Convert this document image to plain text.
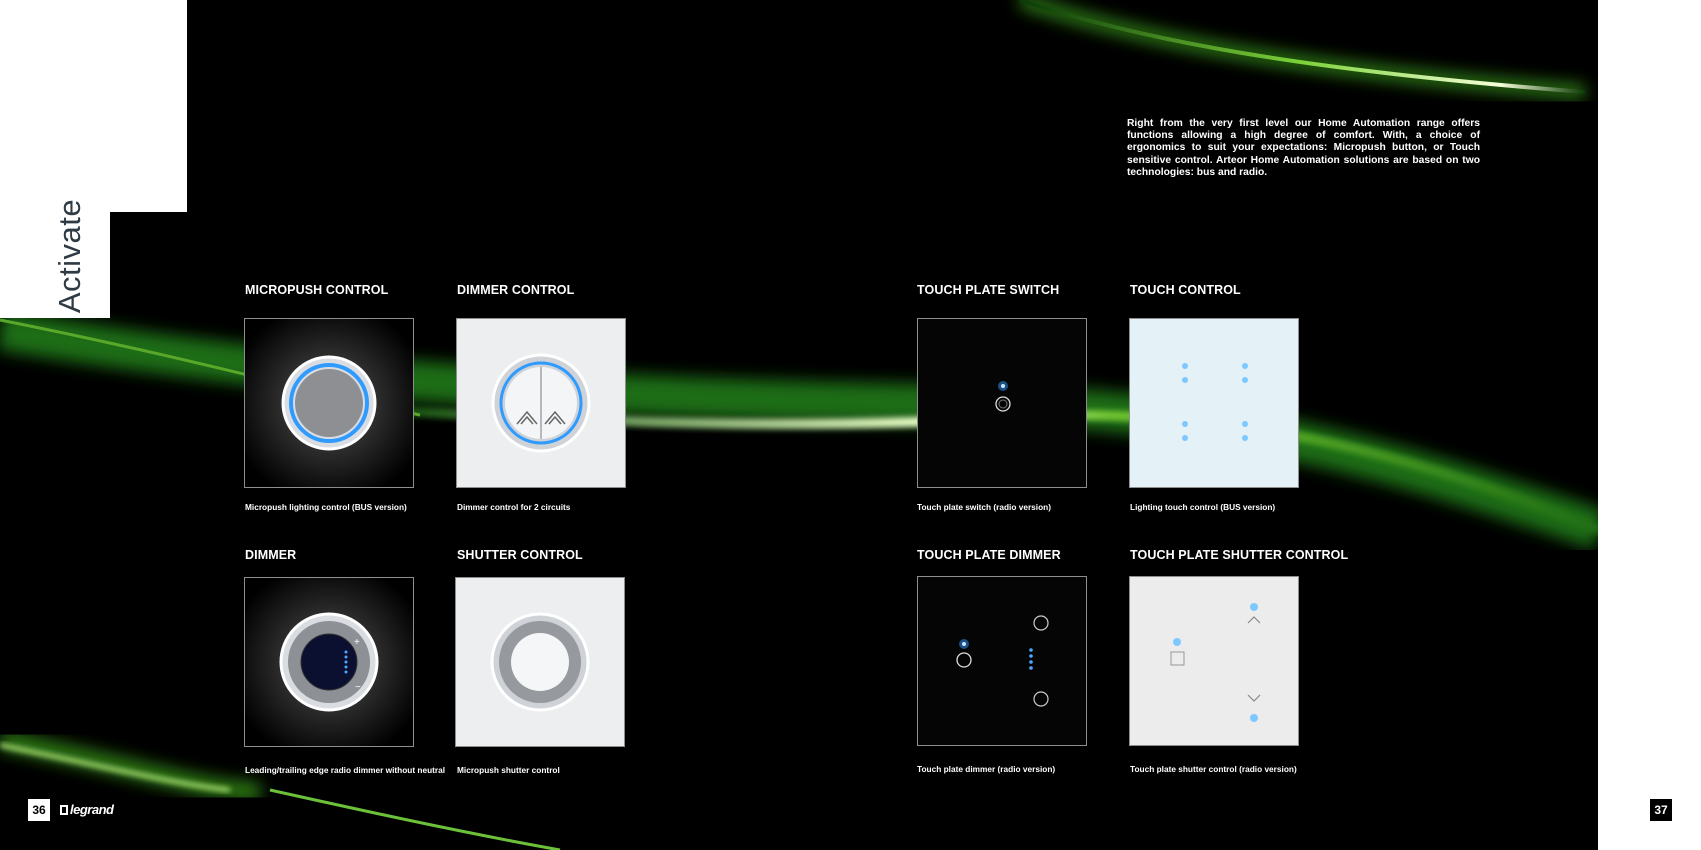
Activate
Right from the very first level our Home Automation range offers functions allowing a high degree of comfort. With, a choice of ergonomics to suit your expectations: Micropush button, or Touch sensitive control. Arteor Home Automation solutions are based on two technologies: bus and radio.
MICROPUSH CONTROL
Micropush lighting control (BUS version)
DIMMER CONTROL
Dimmer control for 2 circuits
TOUCH PLATE SWITCH
Touch plate switch (radio version)
TOUCH CONTROL
Lighting touch control (BUS version)
DIMMER
+
−
Leading/trailing edge radio dimmer without neutral
SHUTTER CONTROL
Micropush shutter control
TOUCH PLATE DIMMER
Touch plate dimmer (radio version)
TOUCH PLATE SHUTTER CONTROL
Touch plate shutter control (radio version)
36	legrand	37
